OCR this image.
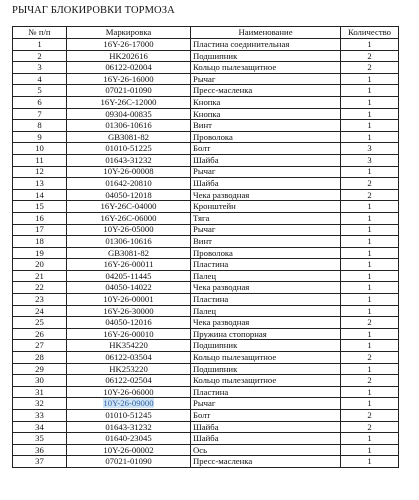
РЫЧАГ БЛОКИРОВКИ ТОРМОЗА
№ п/п	Маркировка	Наименование	Количество
1	16Y-26-17000	Пластина соединительная	1
2	HK202616	Подшипник	2
3	06122-02004	Кольцо пылезащитное	2
4	16Y-26-16000	Рычаг	1
5	07021-01090	Пресс-масленка	1
6	16Y-26C-12000	Кнопка	1
7	09304-00835	Кнопка	1
8	01306-10616	Винт	1
9	GB3081-82	Проволока	1
10	01010-51225	Болт	3
11	01643-31232	Шайба	3
12	10Y-26-00008	Рычаг	1
13	01642-20810	Шайба	2
14	04050-12018	Чека разводная	2
15	16Y-26C-04000	Кронштейн	1
16	16Y-26C-06000	Тяга	1
17	10Y-26-05000	Рычаг	1
18	01306-10616	Винт	1
19	GB3081-82	Проволока	1
20	16Y-26-00011	Пластина	1
21	04205-11445	Палец	1
22	04050-14022	Чека разводная	1
23	10Y-26-00001	Пластина	1
24	16Y-26-30000	Палец	1
25	04050-12016	Чека разводная	2
26	16Y-26-00010	Пружина стопорная	1
27	HK354220	Подшипник	1
28	06122-03504	Кольцо пылезащитное	2
29	HK253220	Подшипник	1
30	06122-02504	Кольцо пылезащитное	2
31	10Y-26-06000	Пластина	1
32	10Y-26-09000	Рычаг	1
33	01010-51245	Болт	2
34	01643-31232	Шайба	2
35	01640-23045	Шайба	1
36	10Y-26-00002	Ось	1
37	07021-01090	Пресс-масленка	1
